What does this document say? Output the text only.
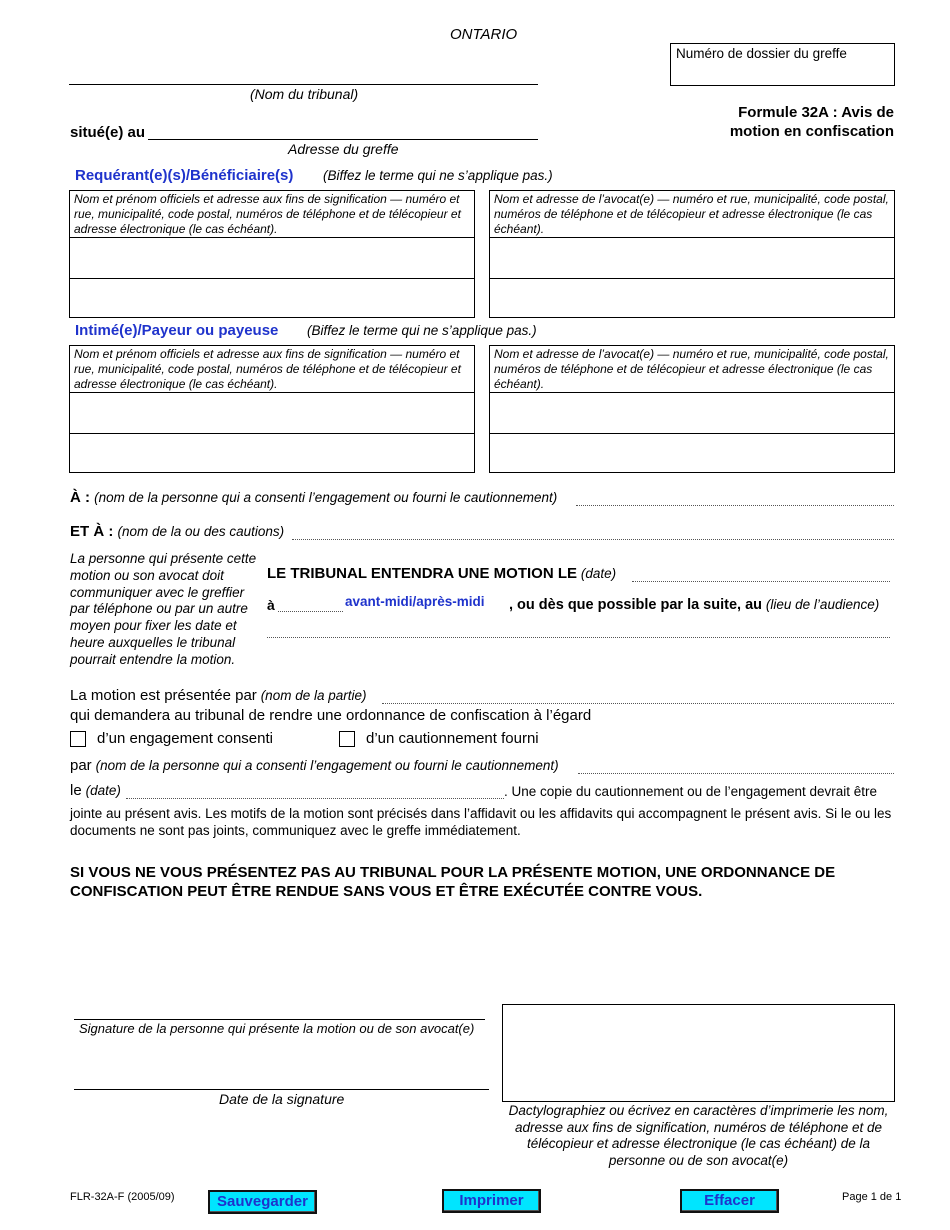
ONTARIO
(Nom du tribunal)
situé(e) au
Adresse du greffe
Numéro de dossier du greffe
Formule 32A : Avis de
motion en confiscation
Requérant(e)(s)/Bénéficiaire(s) (Biffez le terme qui ne s’applique pas.)
Nom et prénom officiels et adresse aux fins de signification — numéro et rue, municipalité, code postal, numéros de téléphone et de télécopieur et adresse électronique (le cas échéant).
Nom et adresse de l’avocat(e) — numéro et rue, municipalité, code postal, numéros de téléphone et de télécopieur et adresse électronique (le cas échéant).
Intimé(e)/Payeur ou payeuse (Biffez le terme qui ne s’applique pas.)
Nom et prénom officiels et adresse aux fins de signification — numéro et rue, municipalité, code postal, numéros de téléphone et de télécopieur et adresse électronique (le cas échéant).
Nom et adresse de l’avocat(e) — numéro et rue, municipalité, code postal, numéros de téléphone et de télécopieur et adresse électronique (le cas échéant).
À : (nom de la personne qui a consenti l’engagement ou fourni le cautionnement)
ET À : (nom de la ou des cautions)
La personne qui présente cette motion ou son avocat doit communiquer avec le greffier par téléphone ou par un autre moyen pour fixer les date et heure auxquelles le tribunal pourrait entendre la motion.
LE TRIBUNAL ENTENDRA UNE MOTION LE (date)
à	avant-midi/après-midi , ou dès que possible par la suite, au (lieu de l’audience)
La motion est présentée par (nom de la partie)
qui demandera au tribunal de rendre une ordonnance de confiscation à l’égard
d’un engagement consenti	d’un cautionnement fourni
par (nom de la personne qui a consenti l’engagement ou fourni le cautionnement)
le (date)	. Une copie du cautionnement ou de l’engagement devrait être
jointe au présent avis. Les motifs de la motion sont précisés dans l’affidavit ou les affidavits qui accompagnent le présent avis. Si le ou les documents ne sont pas joints, communiquez avec le greffe immédiatement.
SI VOUS NE VOUS PRÉSENTEZ PAS AU TRIBUNAL POUR LA PRÉSENTE MOTION, UNE ORDONNANCE DE CONFISCATION PEUT ÊTRE RENDUE SANS VOUS ET ÊTRE EXÉCUTÉE CONTRE VOUS.
Signature de la personne qui présente la motion ou de son avocat(e)
Date de la signature
Dactylographiez ou écrivez en caractères d’imprimerie les nom, adresse aux fins de signification, numéros de téléphone et de télécopieur et adresse électronique (le cas échéant) de la personne ou de son avocat(e)
FLR-32A-F (2005/09)	Sauvegarder	Imprimer	Effacer	Page 1 de 1
